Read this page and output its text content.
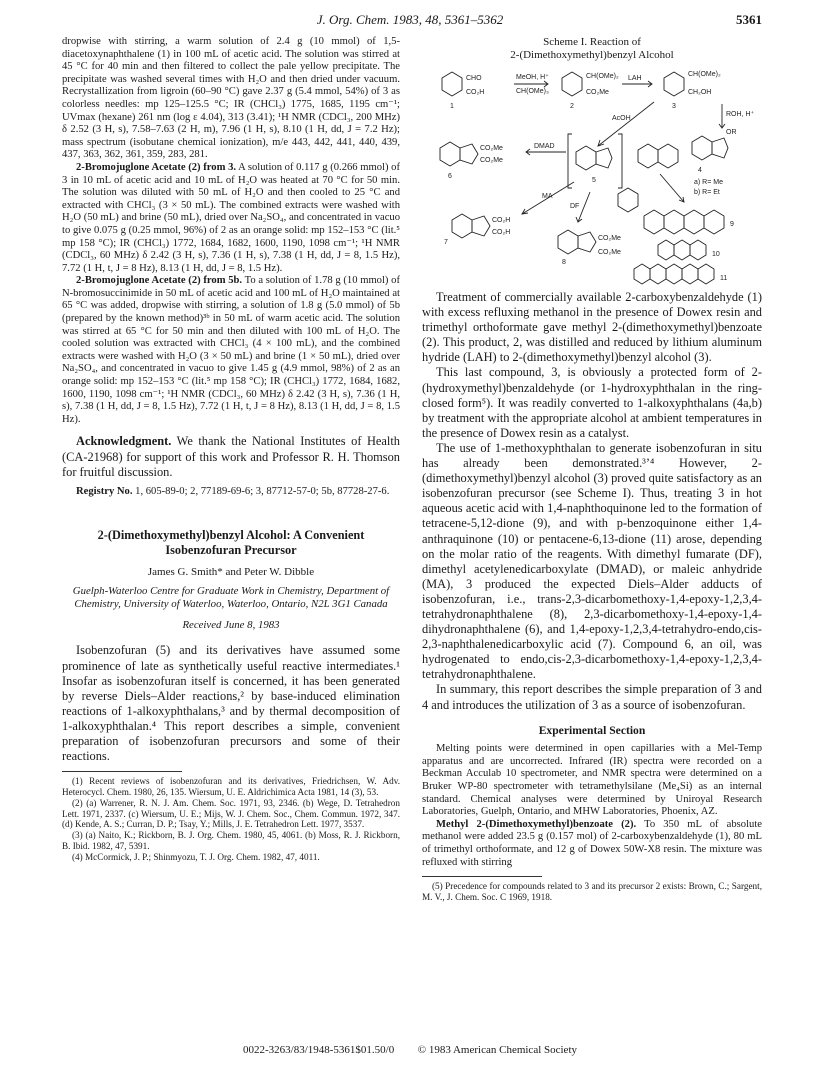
J. Org. Chem. 1983, 48, 5361–5362	5361

dropwise with stirring, a warm solution of 2.4 g (10 mmol) of 1,5-diacetoxynaphthalene (1) in 100 mL of acetic acid. The solution was stirred at 45 °C for 40 min and then filtered to collect the pale yellow precipitate. The precipitate was washed several times with H₂O and then dried under vacuum. Recrystallization from ligroin (60–90 °C) gave 2.37 g (5.4 mmol, 54%) of 3 as colorless needles: mp 125–125.5 °C; IR (CHCl₃) 1775, 1685, 1195 cm⁻¹; UVmax (hexane) 261 nm (log ε 4.04), 313 (3.41); ¹H NMR (CDCl₃, 200 MHz) δ 2.52 (3 H, s), 7.58–7.63 (2 H, m), 7.96 (1 H, s), 8.10 (1 H, dd, J = 7.2 Hz); mass spectrum (isobutane chemical ionization), m/e 443, 442, 441, 440, 439, 437, 363, 362, 361, 359, 283, 281.

2-Bromojuglone Acetate (2) from 3. A solution of 0.117 g (0.266 mmol) of 3 in 10 mL of acetic acid and 10 mL of H₂O was heated at 70 °C for 50 min. The solution was diluted with 50 mL of H₂O and then cooled to 25 °C and extracted with CHCl₃ (3 × 50 mL). The combined extracts were washed with H₂O (50 mL) and brine (50 mL), dried over Na₂SO₄, and concentrated in vacuo to give 0.075 g (0.25 mmol, 96%) of 2 as an orange solid: mp 152–153 °C (lit.⁵ mp 158 °C); IR (CHCl₃) 1772, 1684, 1682, 1600, 1190, 1098 cm⁻¹; ¹H NMR (CDCl₃, 60 MHz) δ 2.42 (3 H, s), 7.36 (1 H, s), 7.38 (1 H, dd, J = 8, 1.5 Hz), 7.72 (1 H, t, J = 8 Hz), 8.13 (1 H, dd, J = 8, 1.5 Hz).

2-Bromojuglone Acetate (2) from 5b. To a solution of 1.78 g (10 mmol) of N-bromosuccinimide in 50 mL of acetic acid and 100 mL of H₂O maintained at 65 °C was added, dropwise with stirring, a solution of 1.8 g (5.0 mmol) of 5b (prepared by the known method)³ᵇ in 50 mL of warm acetic acid. The solution was stirred at 65 °C for 50 min and then diluted with 100 mL of H₂O. The cooled solution was extracted with CHCl₃ (4 × 100 mL), and the combined extracts were washed with H₂O (3 × 50 mL) and brine (1 × 50 mL), dried over Na₂SO₄, and concentrated in vacuo to give 1.45 g (4.9 mmol, 98%) of 2 as an orange solid: mp 152–153 °C (lit.⁵ mp 158 °C); IR (CHCl₃) 1772, 1684, 1682, 1600, 1190, 1098 cm⁻¹; ¹H NMR (CDCl₃, 60 MHz) δ 2.42 (3 H, s), 7.36 (1 H, s), 7.38 (1 H, dd, J = 8, 1.5 Hz), 7.72 (1 H, t, J = 8 Hz), 8.13 (1 H, dd, J = 8, 1.5 Hz).

Acknowledgment. We thank the National Institutes of Health (CA-21968) for support of this work and Professor R. H. Thomson for fruitful discussion.

Registry No. 1, 605-89-0; 2, 77189-69-6; 3, 87712-57-0; 5b, 87728-27-6.

2-(Dimethoxymethyl)benzyl Alcohol: A Convenient Isobenzofuran Precursor
James G. Smith* and Peter W. Dibble
Guelph-Waterloo Centre for Graduate Work in Chemistry, Department of Chemistry, University of Waterloo, Waterloo, Ontario, N2L 3G1 Canada
Received June 8, 1983

Isobenzofuran (5) and its derivatives have assumed some prominence of late as synthetically useful reactive intermediates.¹ Insofar as isobenzofuran itself is concerned, it has been generated by reverse Diels–Alder reactions,² by base-induced elimination reactions of 1-alkoxyphthalans,³ and by thermal decomposition of 1-alkoxyphthalan.⁴ This report describes a simple, convenient preparation of isobenzofuran precursors and some of their reactions.

(1) Recent reviews of isobenzofuran and its derivatives, Friedrichsen, W. Adv. Heterocycl. Chem. 1980, 26, 135. Wiersum, U. E. Aldrichimica Acta 1981, 14 (3), 53.

(2) (a) Warrener, R. N. J. Am. Chem. Soc. 1971, 93, 2346. (b) Wege, D. Tetrahedron Lett. 1971, 2337. (c) Wiersum, U. E.; Mijs, W. J. Chem. Soc., Chem. Commun. 1972, 347. (d) Kende, A. S.; Curran, D. P.; Tsay, Y.; Mills, J. E. Tetrahedron Lett. 1977, 3537.

(3) (a) Naito, K.; Rickborn, B. J. Org. Chem. 1980, 45, 4061. (b) Moss, R. J. Rickborn, B. Ibid. 1982, 47, 5391.

(4) McCormick, J. P.; Shinmyozu, T. J. Org. Chem. 1982, 47, 4011.

Scheme I. Reaction of
2-(Dimethoxymethyl)benzyl Alcohol
CHO
CO₂H
1
MeOH, H⁺
CH(OMe)₃
CH(OMe)₂
CO₂Me
2
LAH
CH(OMe)₂
CH₂OH
3
ROH, H⁺
OR
4
a) R= Me
b) R= Et
AcOH
DMAD
CO₂Me
CO₂Me
6
5
MA
DF
CO₂H
CO₂H
7
CO₂Me
CO₂Me
8
9
10
11

Treatment of commercially available 2-carboxybenzaldehyde (1) with excess refluxing methanol in the presence of Dowex resin and trimethyl orthoformate gave methyl 2-(dimethoxymethyl)benzoate (2). This product, 2, was distilled and reduced by lithium aluminum hydride (LAH) to 2-(dimethoxymethyl)benzyl alcohol (3).

This last compound, 3, is obviously a protected form of 2-(hydroxymethyl)benzaldehyde (or 1-hydroxyphthalan in the ring-closed form⁵). It was readily converted to 1-alkoxyphthalans (4a,b) by treatment with the appropriate alcohol at ambient temperatures in the presence of Dowex resin as a catalyst.

The use of 1-methoxyphthalan to generate isobenzofuran in situ has already been demonstrated.³ʼ⁴ However, 2-(dimethoxymethyl)benzyl alcohol (3) proved quite satisfactory as an isobenzofuran precursor (see Scheme I). Thus, treating 3 in hot aqueous acetic acid with 1,4-naphthoquinone led to the formation of tetracene-5,12-dione (9), and with p-benzoquinone either 1,4-anthraquinone (10) or pentacene-6,13-dione (11) arose, depending on the molar ratio of the reagents. With dimethyl fumarate (DF), dimethyl acetylenedicarboxylate (DMAD), or maleic anhydride (MA), 3 produced the expected Diels–Alder adducts of isobenzofuran, i.e., trans-2,3-dicarbomethoxy-1,4-epoxy-1,2,3,4-tetrahydronaphthalene (8), 2,3-dicarbomethoxy-1,4-epoxy-1,4-dihydronaphthalene (6), and 1,4-epoxy-1,2,3,4-tetrahydro-endo,cis-2,3-naphthalenedicarboxylic acid (7). Compound 6, an oil, was hydrogenated to endo,cis-2,3-dicarbomethoxy-1,4-epoxy-1,2,3,4-tetrahydronaphthalene.

In summary, this report describes the simple preparation of 3 and 4 and introduces the utilization of 3 as a source of isobenzofuran.

Experimental Section

Melting points were determined in open capillaries with a Mel-Temp apparatus and are uncorrected. Infrared (IR) spectra were recorded on a Beckman Acculab 10 spectrometer, and NMR spectra were determined on a Bruker WP-80 spectrometer with tetramethylsilane (Me₄Si) as an internal standard. Chemical analyses were determined by Uniroyal Research Laboratories, Guelph, Ontario, and MHW Laboratories, Phoenix, AZ.

Methyl 2-(Dimethoxymethyl)benzoate (2). To 350 mL of absolute methanol were added 23.5 g (0.157 mol) of 2-carboxybenzaldehyde (1), 80 mL of trimethyl orthoformate, and 12 g of Dowex 50W-X8 resin. The mixture was refluxed with stirring

(5) Precedence for compounds related to 3 and its precursor 2 exists: Brown, C.; Sargent, M. V., J. Chem. Soc. C 1969, 1918.

0022-3263/83/1948-5361$01.50/0 © 1983 American Chemical Society
